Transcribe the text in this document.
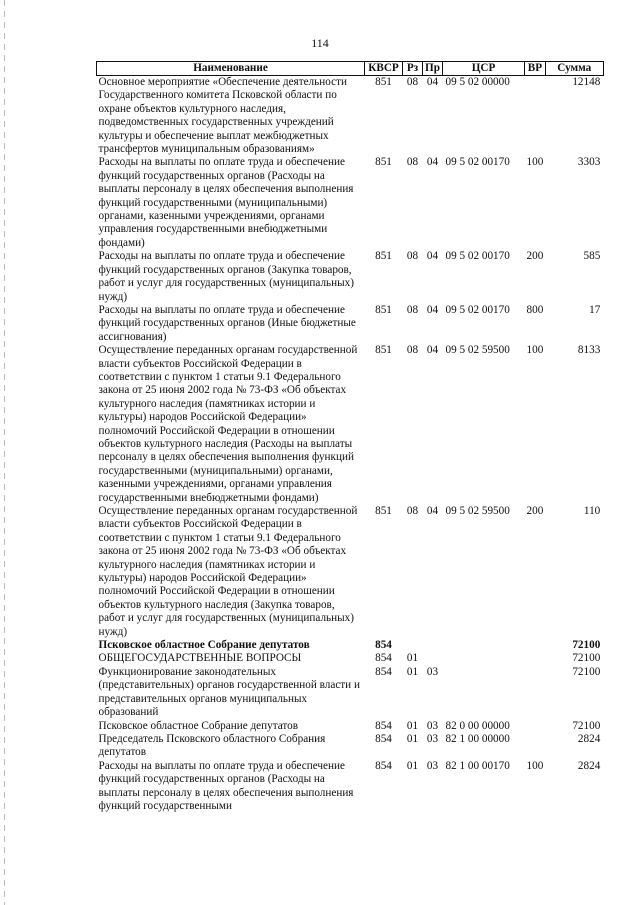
114
Наименование	КВСР	Рз	Пр	ЦСР	ВР	Сумма
Основное мероприятие «Обеспечение деятельности Государственного комитета Псковской области по охране объектов культурного наследия, подведомственных государственных учреждений культуры и обеспечение выплат межбюджетных трансфертов муниципальным образованиям»	851	08	04	09 5 02 00000		12148
Расходы на выплаты по оплате труда и обеспечение функций государственных органов (Расходы на выплаты персоналу в целях обеспечения выполнения функций государственными (муниципальными) органами, казенными учреждениями, органами управления государственными внебюджетными фондами)	851	08	04	09 5 02 00170	100	3303
Расходы на выплаты по оплате труда и обеспечение функций государственных органов (Закупка товаров, работ и услуг для государственных (муниципальных) нужд)	851	08	04	09 5 02 00170	200	585
Расходы на выплаты по оплате труда и обеспечение функций государственных органов (Иные бюджетные ассигнования)	851	08	04	09 5 02 00170	800	17
Осуществление переданных органам государственной власти субъектов Российской Федерации в соответствии с пунктом 1 статьи 9.1 Федерального закона от 25 июня 2002 года № 73-ФЗ «Об объектах культурного наследия (памятниках истории и культуры) народов Российской Федерации» полномочий Российской Федерации в отношении объектов культурного наследия (Расходы на выплаты персоналу в целях обеспечения выполнения функций государственными (муниципальными) органами, казенными учреждениями, органами управления государственными внебюджетными фондами)	851	08	04	09 5 02 59500	100	8133
Осуществление переданных органам государственной власти субъектов Российской Федерации в соответствии с пунктом 1 статьи 9.1 Федерального закона от 25 июня 2002 года № 73-ФЗ «Об объектах культурного наследия (памятниках истории и культуры) народов Российской Федерации» полномочий Российской Федерации в отношении объектов культурного наследия (Закупка товаров, работ и услуг для государственных (муниципальных) нужд)	851	08	04	09 5 02 59500	200	110
Псковское областное Собрание депутатов	854					72100
ОБЩЕГОСУДАРСТВЕННЫЕ ВОПРОСЫ	854	01				72100
Функционирование законодательных (представительных) органов государственной власти и представительных органов муниципальных образований	854	01	03			72100
Псковское областное Собрание депутатов	854	01	03	82 0 00 00000		72100
Председатель Псковского областного Собрания депутатов	854	01	03	82 1 00 00000		2824
Расходы на выплаты по оплате труда и обеспечение функций государственных органов (Расходы на выплаты персоналу в целях обеспечения выполнения функций государственными	854	01	03	82 1 00 00170	100	2824
